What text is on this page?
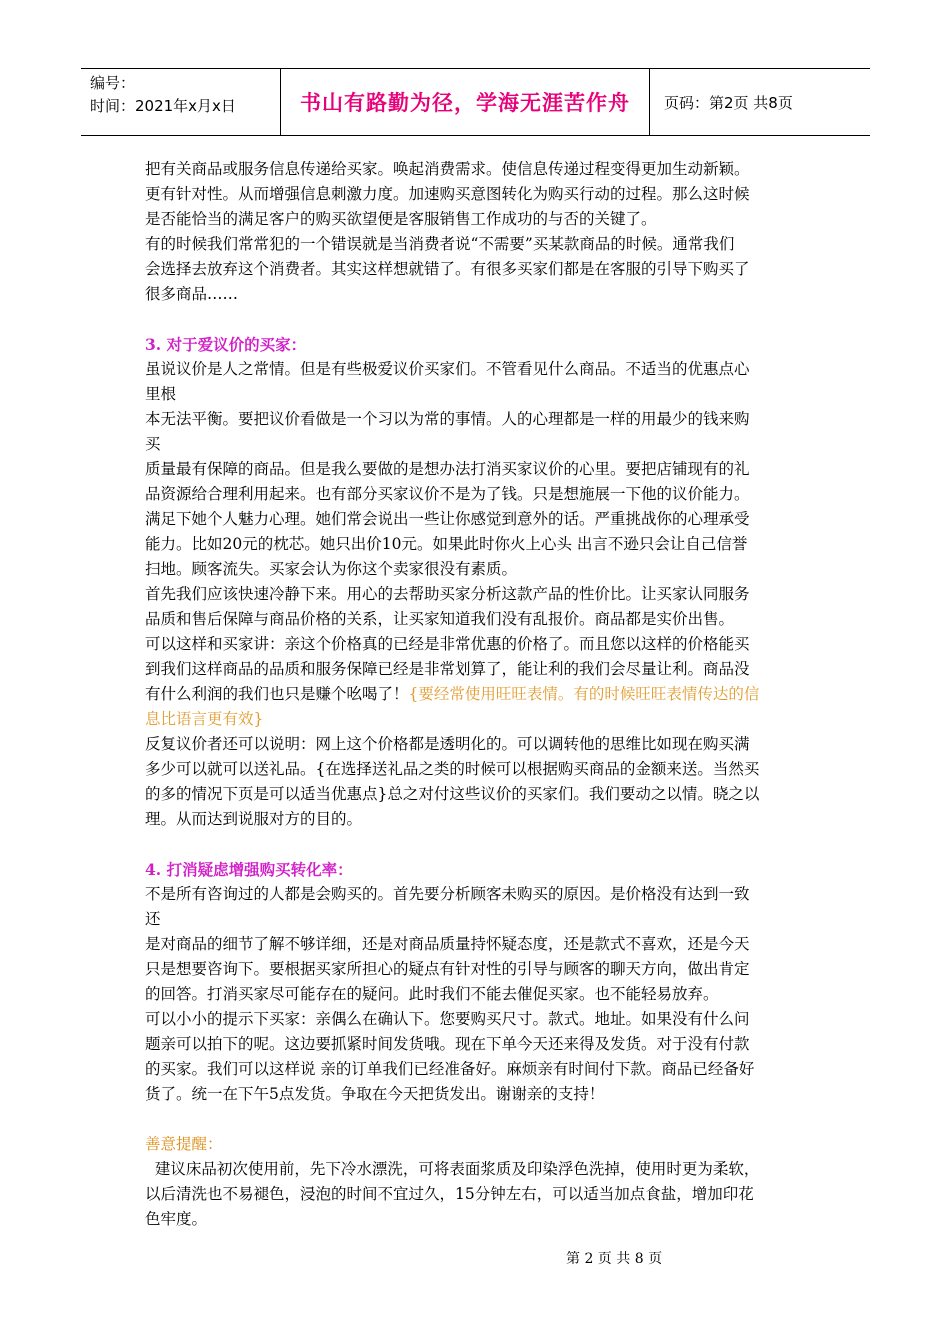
编号：
时间：2021年x月x日	书山有路勤为径，学海无涯苦作舟 页码：第2页 共8页

把有关商品或服务信息传递给买家。唤起消费需求。使信息传递过程变得更加生动新颖。

更有针对性。从而增强信息刺激力度。加速购买意图转化为购买行动的过程。那么这时候

是否能恰当的满足客户的购买欲望便是客服销售工作成功的与否的关键了。

有的时候我们常常犯的一个错误就是当消费者说“不需要”买某款商品的时候。通常我们

会选择去放弃这个消费者。其实这样想就错了。有很多买家们都是在客服的引导下购买了

很多商品……

3. 对于爱议价的买家：

虽说议价是人之常情。但是有些极爱议价买家们。不管看见什么商品。不适当的优惠点心

里根

本无法平衡。要把议价看做是一个习以为常的事情。人的心理都是一样的用最少的钱来购

买

质量最有保障的商品。但是我么要做的是想办法打消买家议价的心里。要把店铺现有的礼

品资源给合理利用起来。也有部分买家议价不是为了钱。只是想施展一下他的议价能力。

满足下她个人魅力心理。她们常会说出一些让你感觉到意外的话。严重挑战你的心理承受

能力。比如20元的枕芯。她只出价10元。如果此时你火上心头 出言不逊只会让自己信誉

扫地。顾客流失。买家会认为你这个卖家很没有素质。

首先我们应该快速冷静下来。用心的去帮助买家分析这款产品的性价比。让买家认同服务

品质和售后保障与商品价格的关系，让买家知道我们没有乱报价。商品都是实价出售。

可以这样和买家讲：亲这个价格真的已经是非常优惠的价格了。而且您以这样的价格能买

到我们这样商品的品质和服务保障已经是非常划算了，能让利的我们会尽量让利。商品没

有什么利润的我们也只是赚个吆喝了！{要经常使用旺旺表情。有的时候旺旺表情传达的信

息比语言更有效}

反复议价者还可以说明：网上这个价格都是透明化的。可以调转他的思维比如现在购买满

多少可以就可以送礼品。{在选择送礼品之类的时候可以根据购买商品的金额来送。当然买

的多的情况下页是可以适当优惠点}总之对付这些议价的买家们。我们要动之以情。晓之以

理。从而达到说服对方的目的。

4. 打消疑虑增强购买转化率：

不是所有咨询过的人都是会购买的。首先要分析顾客未购买的原因。是价格没有达到一致

还

是对商品的细节了解不够详细，还是对商品质量持怀疑态度，还是款式不喜欢，还是今天

只是想要咨询下。要根据买家所担心的疑点有针对性的引导与顾客的聊天方向，做出肯定

的回答。打消买家尽可能存在的疑问。此时我们不能去催促买家。也不能轻易放弃。

可以小小的提示下买家：亲偶么在确认下。您要购买尺寸。款式。地址。如果没有什么问

题亲可以拍下的呢。这边要抓紧时间发货哦。现在下单今天还来得及发货。对于没有付款

的买家。我们可以这样说 亲的订单我们已经准备好。麻烦亲有时间付下款。商品已经备好

货了。统一在下午5点发货。争取在今天把货发出。谢谢亲的支持！

善意提醒：

建议床品初次使用前，先下冷水漂洗，可将表面浆质及印染浮色洗掉，使用时更为柔软，

以后清洗也不易褪色，浸泡的时间不宜过久，15分钟左右，可以适当加点食盐，增加印花

色牢度。

第 2 页 共 8 页
